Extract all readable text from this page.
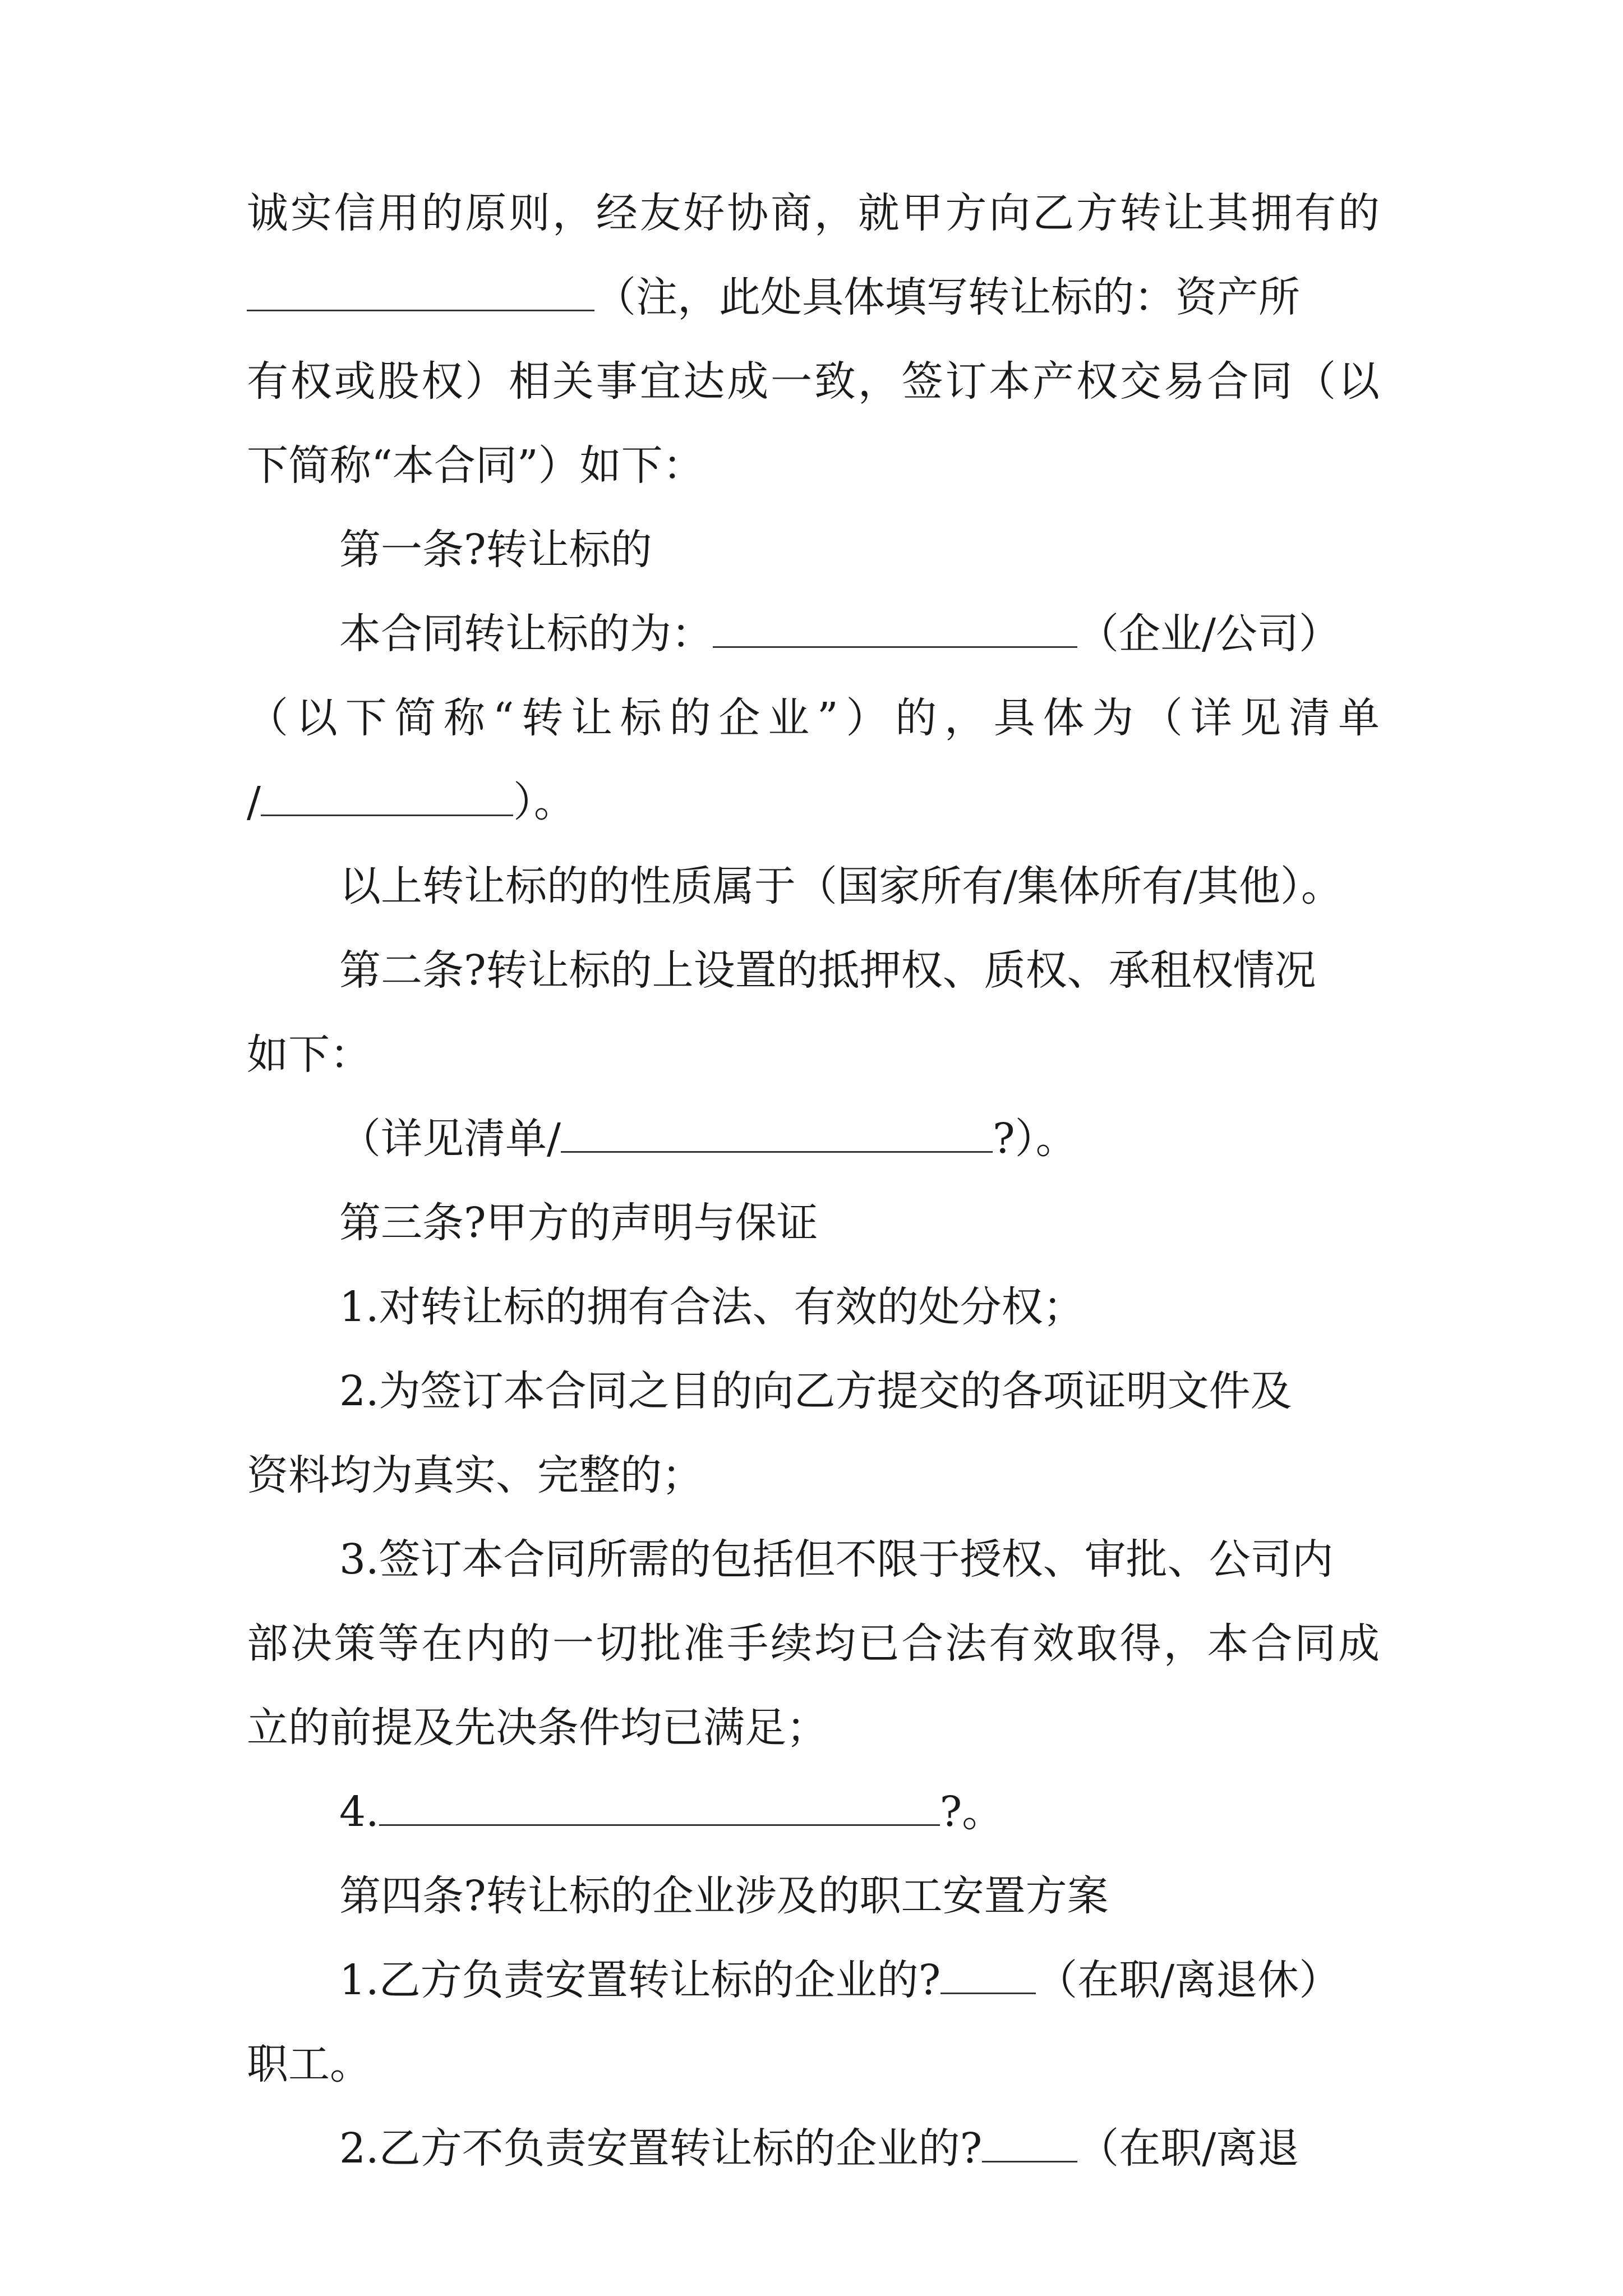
诚实信用的原则，经友好协商，就甲方向乙方转让其拥有的
（注，此处具体填写转让标的：资产所
有权或股权）相关事宜达成一致，签订本产权交易合同（以
下简称“本合同”）如下：
第一条?转让标的
本合同转让标的为：	（企业/公司）
（以下简称“转让标的企业”）的，具体为（详见清单
/	）。
以上转让标的的性质属于（国家所有/集体所有/其他）。
第二条?转让标的上设置的抵押权、质权、承租权情况
如下：
（详见清单/	?）。
第三条?甲方的声明与保证
1.对转让标的拥有合法、有效的处分权；
2.为签订本合同之目的向乙方提交的各项证明文件及
资料均为真实、完整的；
3.签订本合同所需的包括但不限于授权、审批、公司内
部决策等在内的一切批准手续均已合法有效取得，本合同成
立的前提及先决条件均已满足；
4.	?。
第四条?转让标的企业涉及的职工安置方案
1.乙方负责安置转让标的企业的? （在职/离退休）
职工。
2.乙方不负责安置转让标的企业的? （在职/离退
